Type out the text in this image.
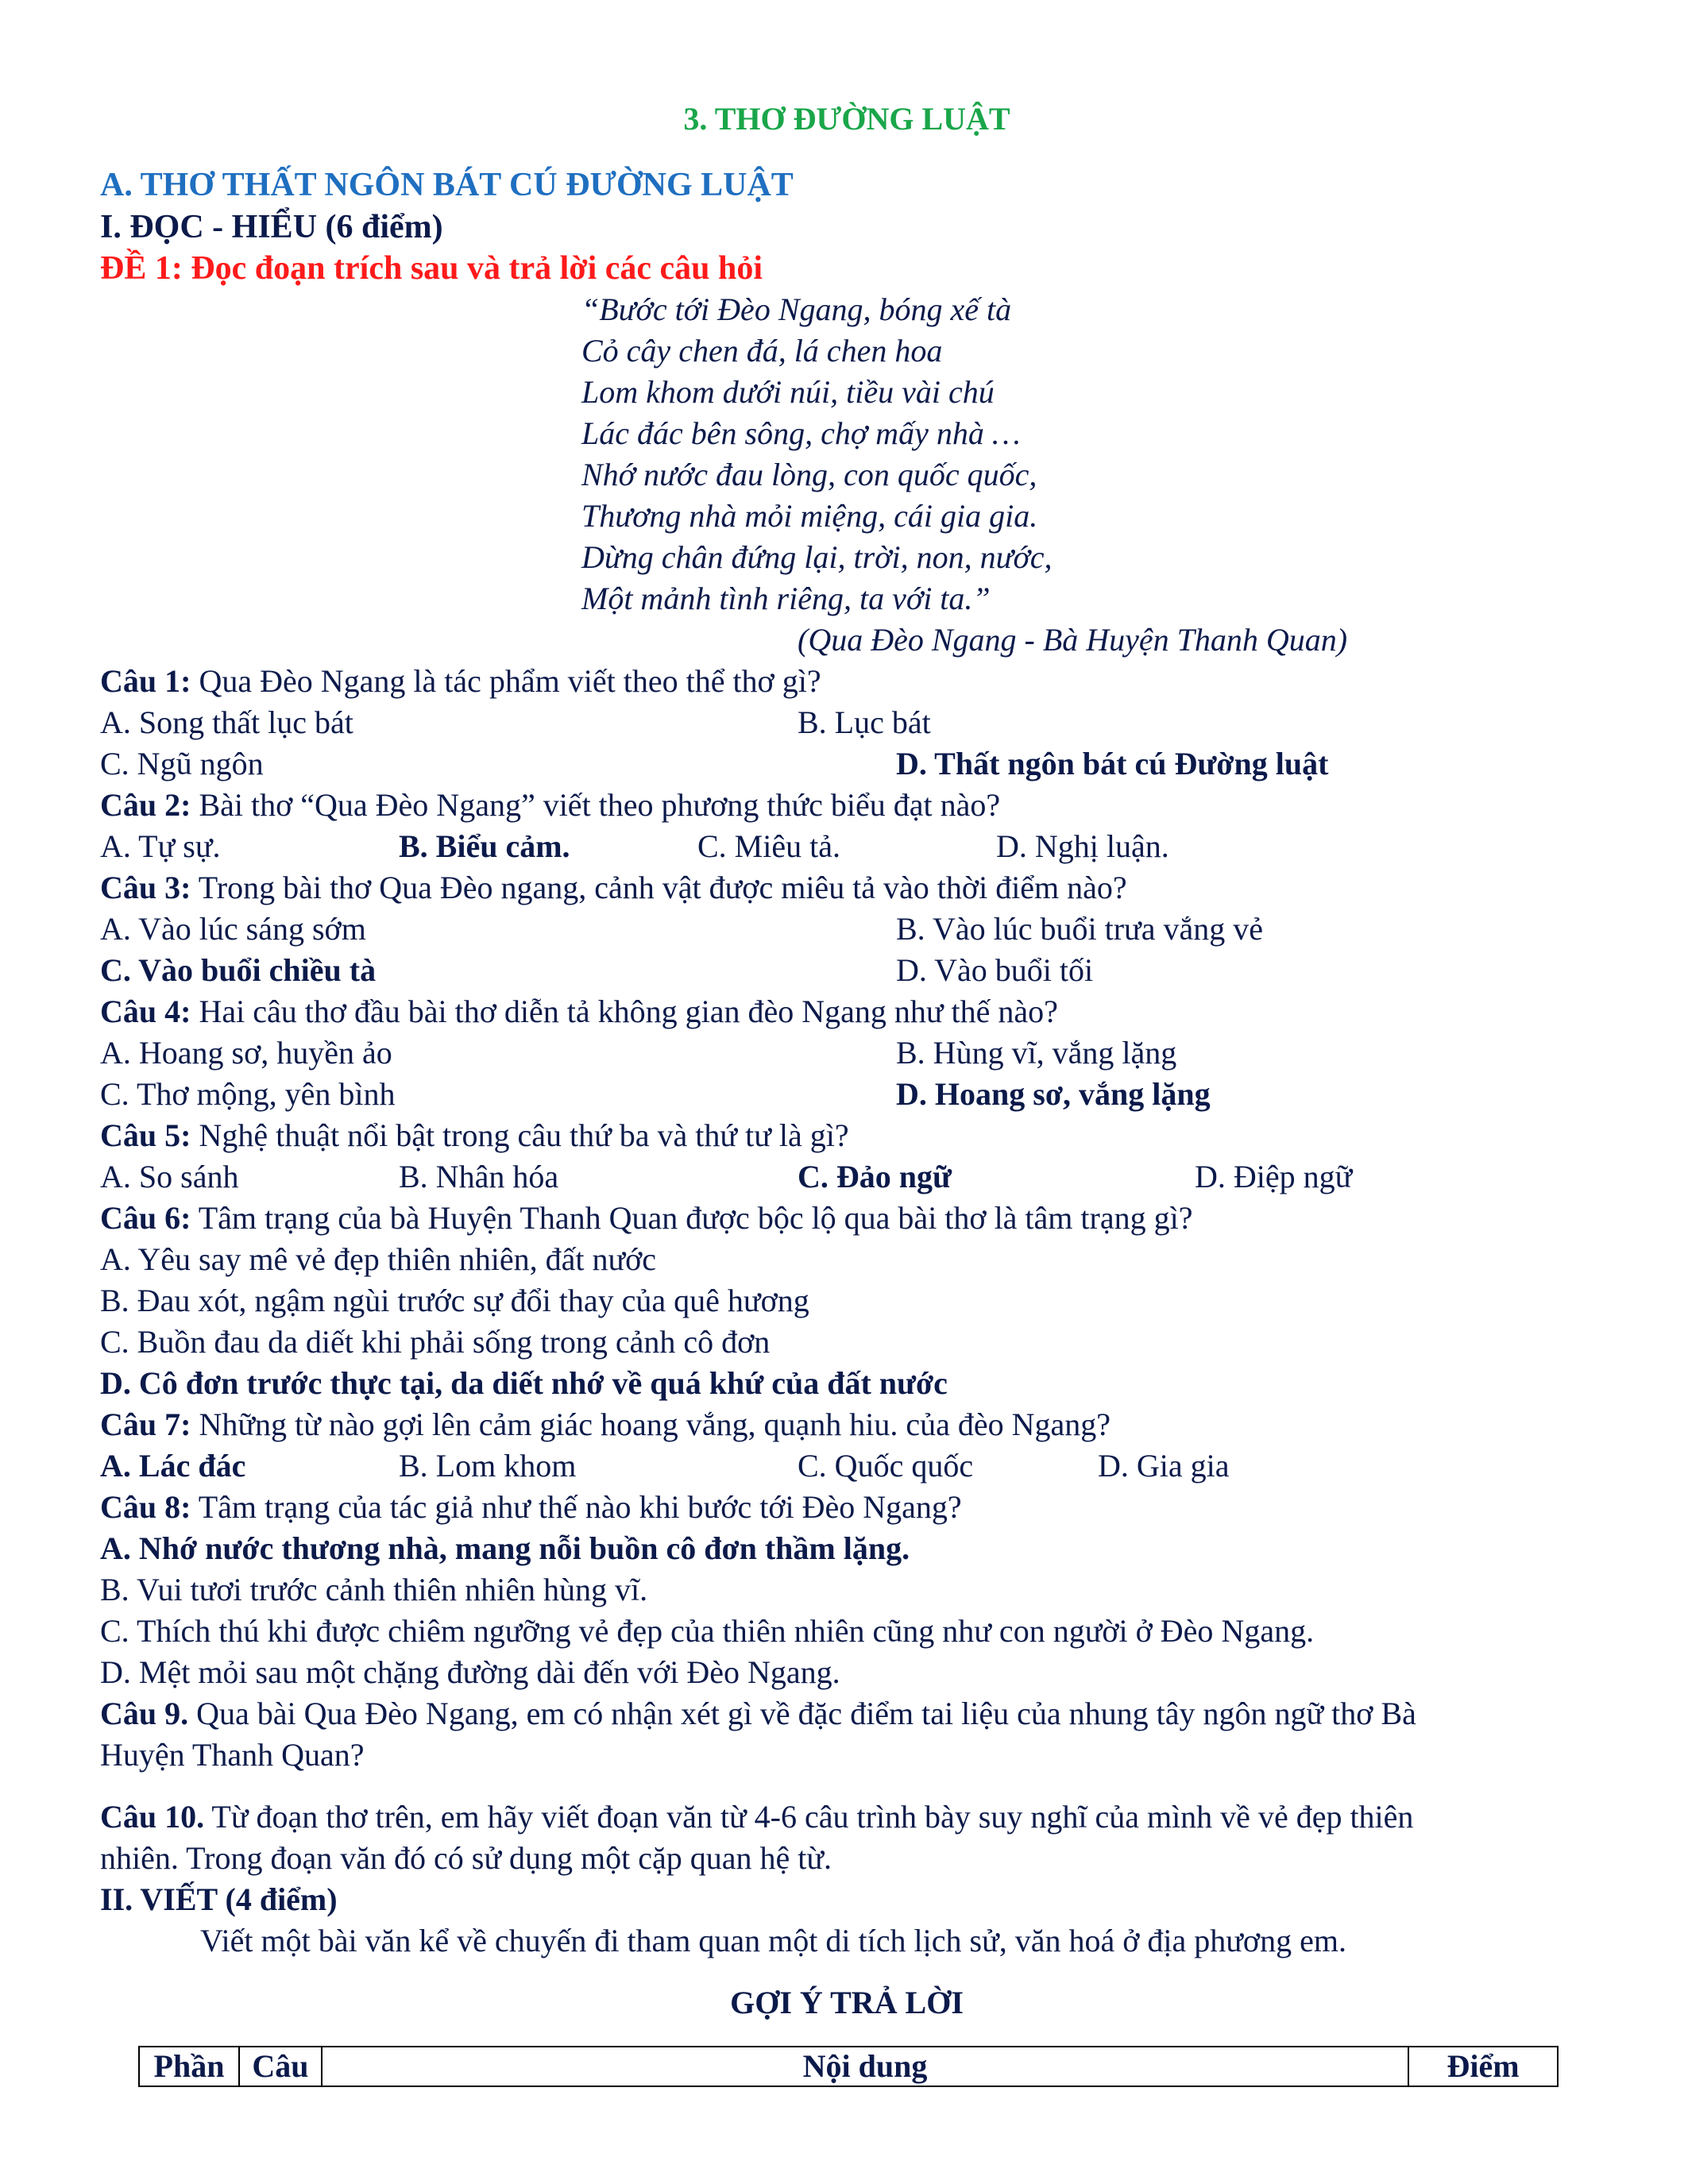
3. THƠ ĐƯỜNG LUẬT
A. THƠ THẤT NGÔN BÁT CÚ ĐƯỜNG LUẬT
I. ĐỌC - HIỂU (6 điểm)
ĐỀ 1: Đọc đoạn trích sau và trả lời các câu hỏi
“Bước tới Đèo Ngang, bóng xế tà
Cỏ cây chen đá, lá chen hoa
Lom khom dưới núi, tiều vài chú
Lác đác bên sông, chợ mấy nhà …
Nhớ nước đau lòng, con quốc quốc,
Thương nhà mỏi miệng, cái gia gia.
Dừng chân đứng lại, trời, non, nước,
Một mảnh tình riêng, ta với ta.”
(Qua Đèo Ngang - Bà Huyện Thanh Quan)
Câu 1: Qua Đèo Ngang là tác phẩm viết theo thể thơ gì?
A. Song thất lục bát	B. Lục bát
C. Ngũ ngôn	D. Thất ngôn bát cú Đường luật
Câu 2: Bài thơ “Qua Đèo Ngang” viết theo phương thức biểu đạt nào?
A. Tự sự.	B. Biểu cảm.	C. Miêu tả.	D. Nghị luận.
Câu 3: Trong bài thơ Qua Đèo ngang, cảnh vật được miêu tả vào thời điểm nào?
A. Vào lúc sáng sớm	B. Vào lúc buổi trưa vắng vẻ
C. Vào buổi chiều tà	D. Vào buổi tối
Câu 4: Hai câu thơ đầu bài thơ diễn tả không gian đèo Ngang như thế nào?
A. Hoang sơ, huyền ảo	B. Hùng vĩ, vắng lặng
C. Thơ mộng, yên bình	D. Hoang sơ, vắng lặng
Câu 5: Nghệ thuật nổi bật trong câu thứ ba và thứ tư là gì?
A. So sánh	B. Nhân hóa	C. Đảo ngữ	D. Điệp ngữ
Câu 6: Tâm trạng của bà Huyện Thanh Quan được bộc lộ qua bài thơ là tâm trạng gì?
A. Yêu say mê vẻ đẹp thiên nhiên, đất nước
B. Đau xót, ngậm ngùi trước sự đổi thay của quê hương
C. Buồn đau da diết khi phải sống trong cảnh cô đơn
D. Cô đơn trước thực tại, da diết nhớ về quá khứ của đất nước
Câu 7: Những từ nào gợi lên cảm giác hoang vắng, quạnh hiu. của đèo Ngang?
A. Lác đác	B. Lom khom	C. Quốc quốc	D. Gia gia
Câu 8: Tâm trạng của tác giả như thế nào khi bước tới Đèo Ngang?
A. Nhớ nước thương nhà, mang nỗi buồn cô đơn thầm lặng.
B. Vui tươi trước cảnh thiên nhiên hùng vĩ.
C. Thích thú khi được chiêm ngưỡng vẻ đẹp của thiên nhiên cũng như con người ở Đèo Ngang.
D. Mệt mỏi sau một chặng đường dài đến với Đèo Ngang.
Câu 9. Qua bài Qua Đèo Ngang, em có nhận xét gì về đặc điểm tai liệu của nhung tây ngôn ngữ thơ Bà
Huyện Thanh Quan?
Câu 10. Từ đoạn thơ trên, em hãy viết đoạn văn từ 4-6 câu trình bày suy nghĩ của mình về vẻ đẹp thiên
nhiên. Trong đoạn văn đó có sử dụng một cặp quan hệ từ.
II. VIẾT (4 điểm)
Viết một bài văn kể về chuyến đi tham quan một di tích lịch sử, văn hoá ở địa phương em.
GỢI Ý TRẢ LỜI
Phần	Câu	Nội dung	Điểm
